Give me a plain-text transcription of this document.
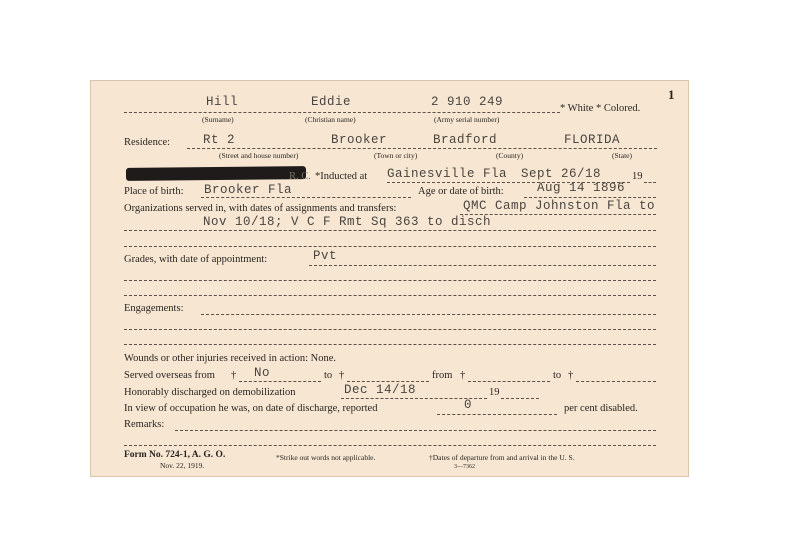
1
Hill	Eddie	2 910 249	* White * Colored.
(Surname)	(Christian name)	(Army serial number)
Residence:	Rt 2	Brooker	Bradford	FLORIDA
(Street and house number)	(Town or city)	(County)	(State)
R. C. *Inducted at Gainesville Fla Sept 26/18	19
Place of birth: Brooker Fla	Age or date of birth:	Aug 14 1896
Organizations served in, with dates of assignments and transfers:	QMC Camp Johnston Fla to
Nov 10/18; V C F Rmt Sq 363 to disch
Grades, with date of appointment:	Pvt
Engagements:
Wounds or other injuries received in action: None.
Served overseas from † No	to †	from †	to †
Honorably discharged on demobilization	Dec 14/18	19
In view of occupation he was, on date of discharge, reported	0	per cent disabled.
Remarks:
Form No. 724-1, A. G. O.
Nov. 22, 1919.
*Strike out words not applicable.	†Dates of departure from and arrival in the U. S.
3—7362
